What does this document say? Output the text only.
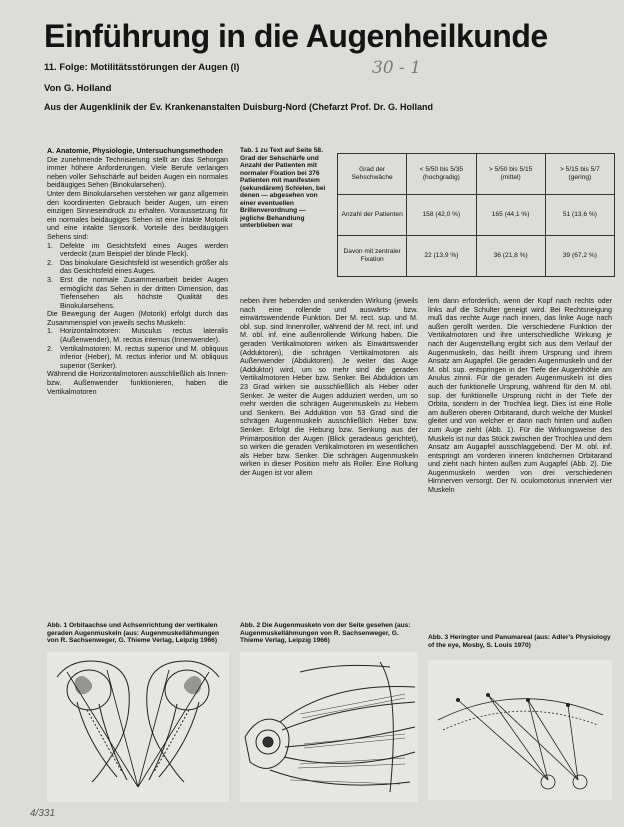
Einführung in die Augenheilkunde
11. Folge: Motilitätsstörungen der Augen (I)	30 - 1
Von G. Holland
Aus der Augenklinik der Ev. Krankenanstalten Duisburg-Nord (Chefarzt Prof. Dr. G. Holland

A. Anatomie, Physiologie, Untersuchungsmethoden

Die zunehmende Technisierung stellt an das Sehorgan immer höhere Anforderungen. Viele Berufe verlangen neben voller Sehschärfe auf beiden Augen ein normales beidäugiges Sehen (Binokularsehen).

Unter dem Binokularsehen verstehen wir ganz allgemein den koordinierten Gebrauch beider Augen, um einen einzigen Sinneseindruck zu erhalten. Voraussetzung für ein normales beidäugiges Sehen ist eine intakte Motorik und eine intakte Sensorik. Vorteile des beidäugigen Sehens sind:

1. Defekte im Gesichtsfeld eines Auges werden verdeckt (zum Beispiel der blinde Fleck).
2. Das binokulare Gesichtsfeld ist wesentlich größer als das Gesichtsfeld eines Auges.
3. Erst die normale Zusammenarbeit beider Augen ermöglicht das Sehen in der dritten Dimension, das Tiefensehen als höchste Qualität des Binokularsehens.

Die Bewegung der Augen (Motorik) erfolgt durch das Zusammenspiel von jeweils sechs Muskeln:

1. Horizontalmotoren: Musculus rectus lateralis (Außenwender), M. rectus internus (Innenwender).
2. Vertikalmotoren: M. rectus superior und M. obliquus inferior (Heber), M. rectus inferior und M. obliquus superior (Senker).

Während die Horizontalmotoren ausschließlich als Innen- bzw. Außenwender funktionieren, haben die Vertikalmotoren

Tab. 1 zu Text auf Seite 58. Grad der Sehschärfe und Anzahl der Patienten mit normaler Fixation bei 376 Patienten mit manifestem (sekundärem) Schielen, bei denen — abgesehen von einer eventuellen Brillenverordnung — jegliche Behandlung unterblieben war
Grad der Sehschwäche	< 5/50 bis 5/35 (hochgradig)	> 5/50 bis 5/15 (mittel)	> 5/15 bis 5/7 (gering)
Anzahl der Patienten	158 (42,0 %)	165 (44,1 %)	51 (13,6 %)
Davon mit zentraler Fixation	22 (13,9 %)	36 (21,8 %)	39 (67,2 %)

neben ihrer hebenden und senkenden Wirkung (jeweils nach eine rollende und auswärts- bzw. einwärtswendende Funktion. Der M. rect. sup. und M. obl. sup. sind Innenroller, während der M. rect. inf. und M. obl. inf. eine außenrollende Wirkung haben. Die geraden Vertikalmotoren wirken als Einwärtswender (Adduktoren), die schrägen Vertikalmotoren als Außenwender (Abduktoren). Je weiter das Auge (Adduktor) wird, um so mehr sind die geraden Vertikalmotoren Heber bzw. Senker. Bei Abduktion um 23 Grad wirken sie ausschließlich als Heber oder Senker. Je weiter die Augen adduziert werden, um so mehr werden die schrägen Augenmuskeln zu Hebern und Senkern. Bei Adduktion von 53 Grad sind die schrägen Augenmuskeln ausschließlich Heber bzw. Senker. Erfolgt die Hebung bzw. Senkung aus der Primärposition der Augen (Blick geradeaus gerichtet), so wirken die geraden Vertikalmotoren im wesentlichen als Heber bzw. Senker. Die schrägen Augenmuskeln wirken in dieser Position mehr als Roller. Eine Rollung der Augen ist vor allem

lem dann erforderlich, wenn der Kopf nach rechts oder links auf die Schulter geneigt wird. Bei Rechtsneigung muß das rechte Auge nach innen, das linke Auge nach außen gerollt werden. Die verschiedene Funktion der Vertikalmotoren und ihre unterschiedliche Wirkung je nach der Augenstellung ergibt sich aus dem Verlauf der Augenmuskeln, das heißt ihrem Ursprung und ihrem Ansatz am Augapfel. Die geraden Augenmuskeln und der M. obl. sup. entspringen in der Tiefe der Augenhöhle am Anulus zinnii. Für die geraden Augenmuskeln ist dies auch der funktionelle Ursprung, während für den M. obl. sup. der funktionelle Ursprung nicht in der Tiefe der Orbita, sondern in der Trochlea liegt. Dies ist eine Rolle am äußeren oberen Orbitarand, durch welche der Muskel gleitet und von welcher er dann nach hinten und außen zum Auge zieht (Abb. 1). Für die Wirkungsweise des Muskels ist nur das Stück zwischen der Trochlea und dem Ansatz am Augapfel ausschlaggebend. Der M. obl. inf. entspringt am vorderen inneren knöchernen Orbitarand und zieht nach hinten außen zum Augapfel (Abb. 2). Die Augenmuskeln werden von drei verschiedenen Hirnnerven versorgt. Der N. oculomotorius innerviert vier Muskeln

Abb. 1 Orbitaachse und Achsenrichtung der vertikalen geraden Augenmuskeln (aus: Augenmuskellähmungen von R. Sachsenweger, G. Thieme Verlag, Leipzig 1966)
Abb. 2 Die Augenmuskeln von der Seite gesehen (aus: Augenmuskellähmungen von R. Sachsenweger, G. Thieme Verlag, Leipzig 1966)	Abb. 3 Heringter und Panumareal (aus: Adler's Physiology of the eye, Mosby, S. Louis 1970)
4/331
